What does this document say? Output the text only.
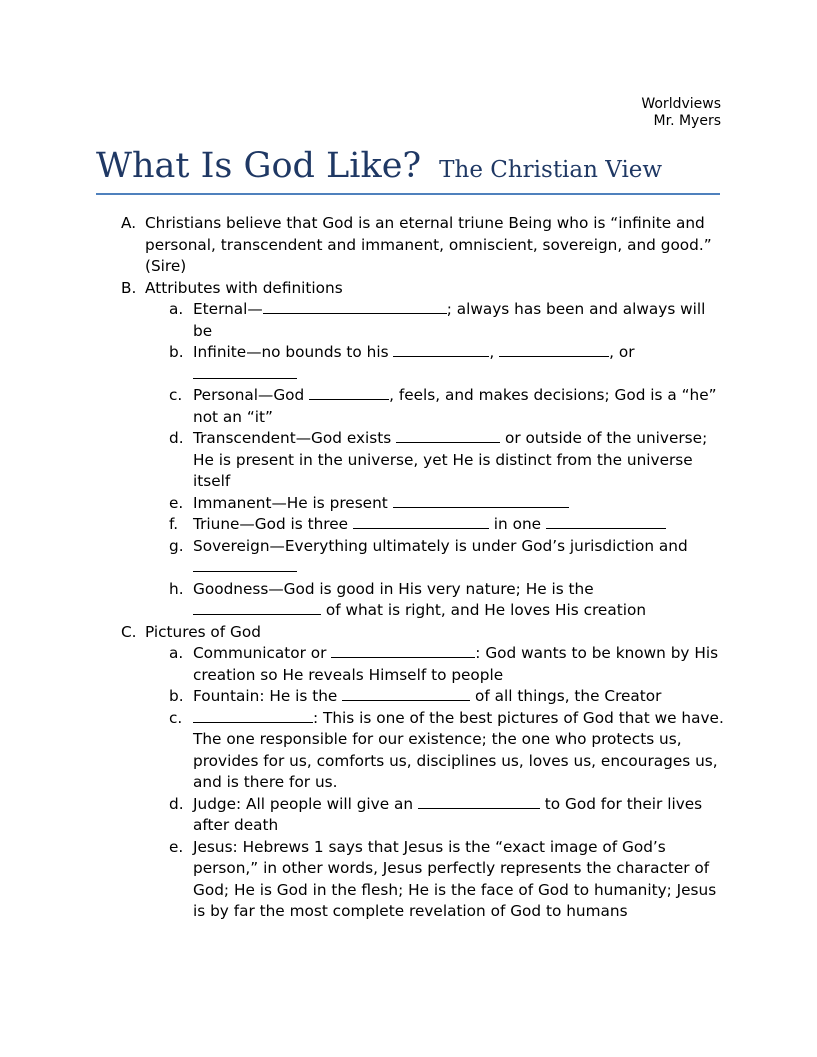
Worldviews
Mr. Myers
What Is God Like? The Christian View
A. Christians believe that God is an eternal triune Being who is “infinite and personal, transcendent and immanent, omniscient, sovereign, and good.” (Sire)
B. Attributes with definitions
a. Eternal—	; always has been and always will be
b. Infinite—no bounds to his	,	, or
c. Personal—God	, feels, and makes decisions; God is a “he” not an “it”
d. Transcendent—God exists	or outside of the universe; He is present in the universe, yet He is distinct from the universe itself
e. Immanent—He is present
f. Triune—God is three	in one
g. Sovereign—Everything ultimately is under God’s jurisdiction and
h. Goodness—God is good in His very nature; He is the
of what is right, and He loves His creation
C. Pictures of God
a. Communicator or	: God wants to be known by His creation so He reveals Himself to people
b. Fountain: He is the	of all things, the Creator
c.	: This is one of the best pictures of God that we have. The one responsible for our existence; the one who protects us, provides for us, comforts us, disciplines us, loves us, encourages us, and is there for us.
d. Judge: All people will give an	to God for their lives after death
e. Jesus: Hebrews 1 says that Jesus is the “exact image of God’s person,” in other words, Jesus perfectly represents the character of God; He is God in the flesh; He is the face of God to humanity; Jesus is by far the most complete revelation of God to humans
